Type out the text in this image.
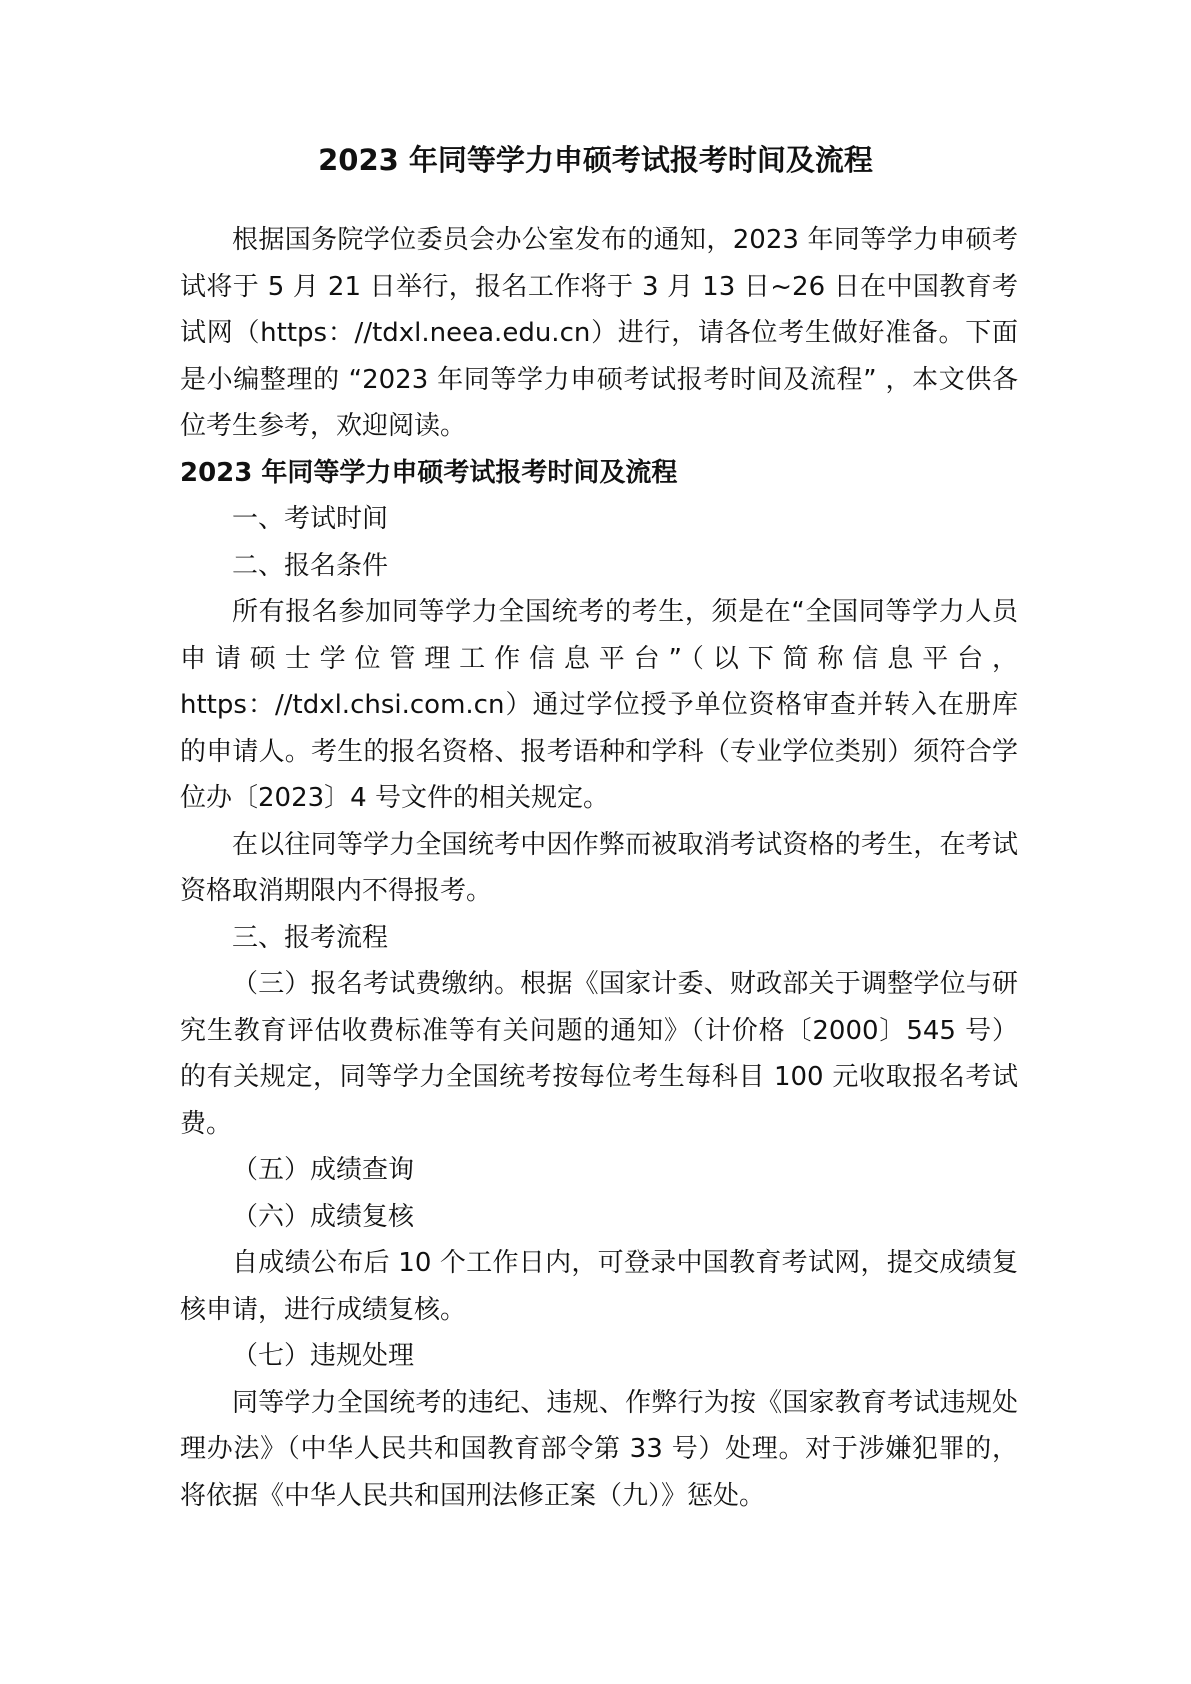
2023 年同等学力申硕考试报考时间及流程

根据国务院学位委员会办公室发布的通知，2023 年同等学力申硕考试将于 5 月 21 日举行，报名工作将于 3 月 13 日~26 日在中国教育考试网（https：//tdxl.neea.edu.cn）进行，请各位考生做好准备。下面是小编整理的 “2023 年同等学力申硕考试报考时间及流程” ，本文供各位考生参考，欢迎阅读。

2023 年同等学力申硕考试报考时间及流程

一、考试时间

二、报名条件

所有报名参加同等学力全国统考的考生，须是在“全国同等学力人员申请硕士学位管理工作信息平台”（以下简称信息平台，https：//tdxl.chsi.com.cn）通过学位授予单位资格审查并转入在册库的申请人。考生的报名资格、报考语种和学科（专业学位类别）须符合学位办〔2023〕4 号文件的相关规定。

在以往同等学力全国统考中因作弊而被取消考试资格的考生，在考试资格取消期限内不得报考。

三、报考流程

（三）报名考试费缴纳。根据《国家计委、财政部关于调整学位与研究生教育评估收费标准等有关问题的通知》（计价格〔2000〕545 号）的有关规定，同等学力全国统考按每位考生每科目 100 元收取报名考试费。

（五）成绩查询

（六）成绩复核

自成绩公布后 10 个工作日内，可登录中国教育考试网，提交成绩复核申请，进行成绩复核。

（七）违规处理

同等学力全国统考的违纪、违规、作弊行为按《国家教育考试违规处理办法》（中华人民共和国教育部令第 33 号）处理。对于涉嫌犯罪的，将依据《中华人民共和国刑法修正案（九）》惩处。
